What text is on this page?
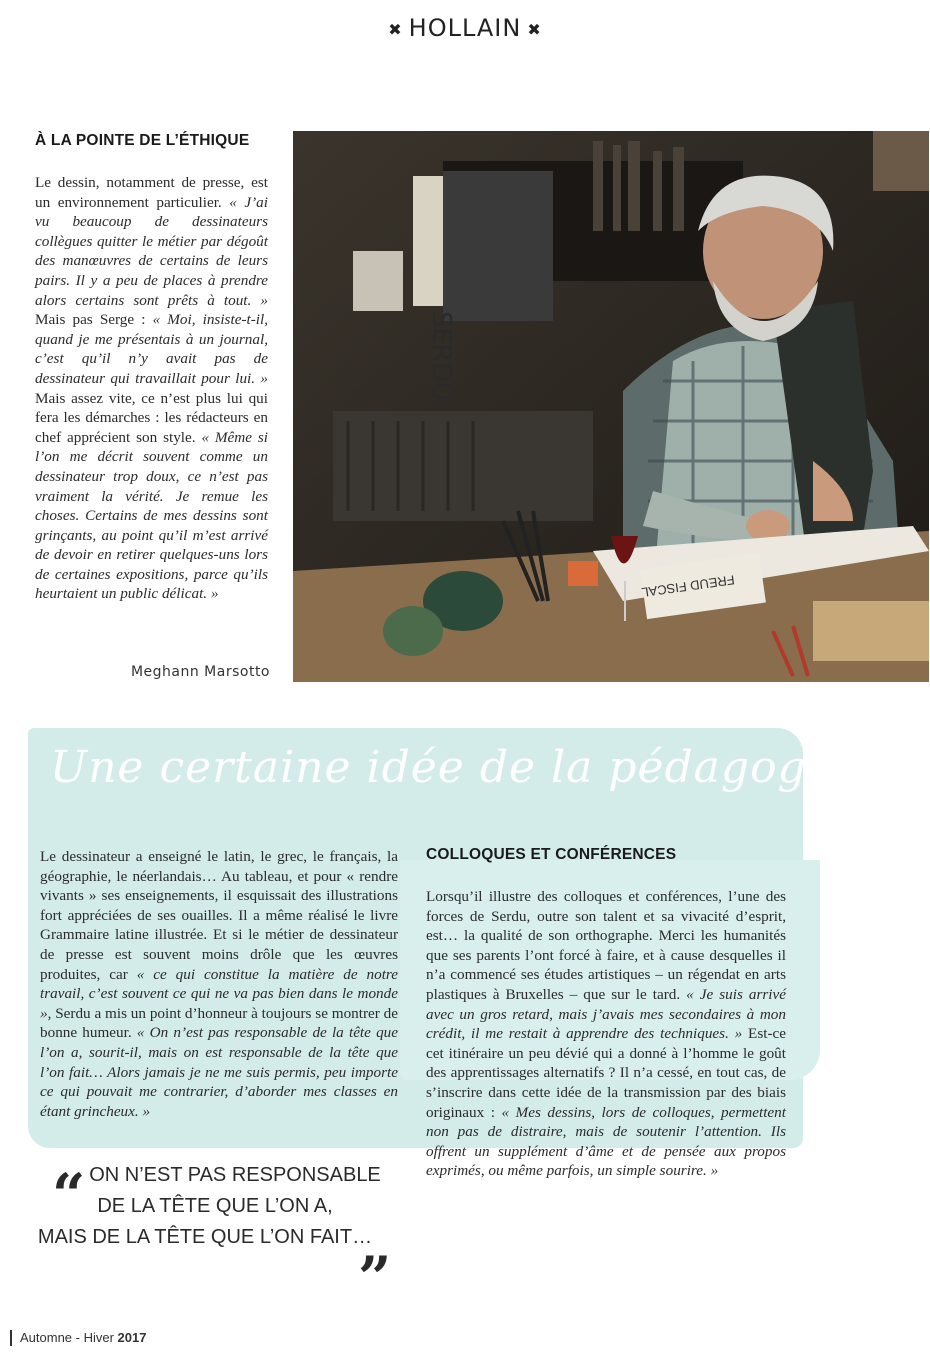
✖ HOLLAIN ✖
À LA POINTE DE L’ÉTHIQUE
Le dessin, notamment de presse, est un environnement particulier. « J’ai vu beaucoup de dessinateurs collègues quitter le métier par dégoût des manœuvres de certains de leurs pairs. Il y a peu de places à prendre alors certains sont prêts à tout. » Mais pas Serge : « Moi, insiste-t-il, quand je me présentais à un journal, c’est qu’il n’y avait pas de dessinateur qui travaillait pour lui. » Mais assez vite, ce n’est plus lui qui fera les démarches : les rédacteurs en chef apprécient son style. « Même si l’on me décrit souvent comme un dessinateur trop doux, ce n’est pas vraiment la vérité. Je remue les choses. Certains de mes dessins sont grinçants, au point qu’il m’est arrivé de devoir en retirer quelques-uns lors de certaines expositions, parce qu’ils heurtaient un public délicat. »
Meghann Marsotto
FREUD FISCAL
SERDU
Une certaine idée de la pédagogie
Le dessinateur a enseigné le latin, le grec, le français, la géographie, le néerlandais… Au tableau, et pour « rendre vivants » ses enseignements, il esquissait des illustrations fort appréciées de ses ouailles. Il a même réalisé le livre Grammaire latine illustrée. Et si le métier de dessinateur de presse est souvent moins drôle que les œuvres produites, car « ce qui constitue la matière de notre travail, c’est souvent ce qui ne va pas bien dans le monde », Serdu a mis un point d’honneur à toujours se montrer de bonne humeur. « On n’est pas responsable de la tête que l’on a, sourit-il, mais on est responsable de la tête que l’on fait… Alors jamais je ne me suis permis, peu importe ce qui pouvait me contrarier, d’aborder mes classes en étant grincheux. »
COLLOQUES ET CONFÉRENCES
Lorsqu’il illustre des colloques et conférences, l’une des forces de Serdu, outre son talent et sa vivacité d’esprit, est… la qualité de son orthographe. Merci les humanités que ses parents l’ont forcé à faire, et à cause desquelles il n’a commencé ses études artistiques – un régendat en arts plastiques à Bruxelles – que sur le tard. « Je suis arrivé avec un gros retard, mais j’avais mes secondaires à mon crédit, il me restait à apprendre des techniques. » Est-ce cet itinéraire un peu dévié qui a donné à l’homme le goût des apprentissages alternatifs ? Il n’a cessé, en tout cas, de s’inscrire dans cette idée de la transmission par des biais originaux : « Mes dessins, lors de colloques, permettent non pas de distraire, mais de soutenir l’attention. Ils offrent un supplément d’âme et de pensée aux propos exprimés, ou même parfois, un simple sourire. »
“ ON N’EST PAS RESPONSABLE
DE LA TÊTE QUE L’ON A,
MAIS DE LA TÊTE QUE L’ON FAIT…
”
Automne - Hiver 2017
